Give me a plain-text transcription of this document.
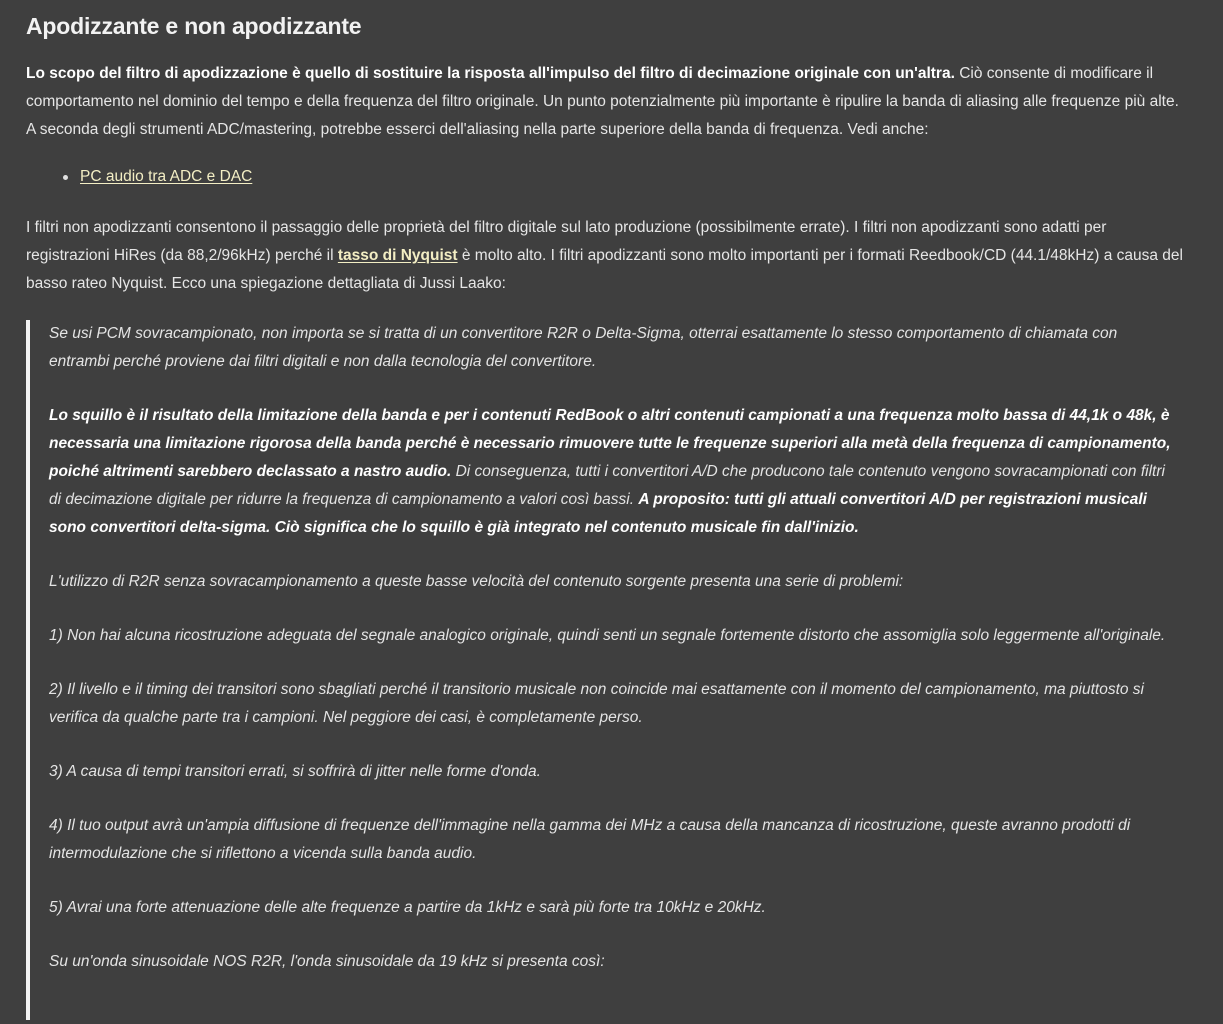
Apodizzante e non apodizzante

Lo scopo del filtro di apodizzazione è quello di sostituire la risposta all'impulso del filtro di decimazione originale con un'altra. Ciò consente di modificare il comportamento nel dominio del tempo e della frequenza del filtro originale. Un punto potenzialmente più importante è ripulire la banda di aliasing alle frequenze più alte. A seconda degli strumenti ADC/mastering, potrebbe esserci dell'aliasing nella parte superiore della banda di frequenza. Vedi anche:

PC audio tra ADC e DAC

I filtri non apodizzanti consentono il passaggio delle proprietà del filtro digitale sul lato produzione (possibilmente errate). I filtri non apodizzanti sono adatti per registrazioni HiRes (da 88,2/96kHz) perché il tasso di Nyquist è molto alto. I filtri apodizzanti sono molto importanti per i formati Reedbook/CD (44.1/48kHz) a causa del basso rateo Nyquist. Ecco una spiegazione dettagliata di Jussi Laako:

Se usi PCM sovracampionato, non importa se si tratta di un convertitore R2R o Delta-Sigma, otterrai esattamente lo stesso comportamento di chiamata con entrambi perché proviene dai filtri digitali e non dalla tecnologia del convertitore.

Lo squillo è il risultato della limitazione della banda e per i contenuti RedBook o altri contenuti campionati a una frequenza molto bassa di 44,1k o 48k, è necessaria una limitazione rigorosa della banda perché è necessario rimuovere tutte le frequenze superiori alla metà della frequenza di campionamento, poiché altrimenti sarebbero declassato a nastro audio. Di conseguenza, tutti i convertitori A/D che producono tale contenuto vengono sovracampionati con filtri di decimazione digitale per ridurre la frequenza di campionamento a valori così bassi. A proposito: tutti gli attuali convertitori A/D per registrazioni musicali sono convertitori delta-sigma. Ciò significa che lo squillo è già integrato nel contenuto musicale fin dall'inizio.

L'utilizzo di R2R senza sovracampionamento a queste basse velocità del contenuto sorgente presenta una serie di problemi:

1) Non hai alcuna ricostruzione adeguata del segnale analogico originale, quindi senti un segnale fortemente distorto che assomiglia solo leggermente all'originale.

2) Il livello e il timing dei transitori sono sbagliati perché il transitorio musicale non coincide mai esattamente con il momento del campionamento, ma piuttosto si verifica da qualche parte tra i campioni. Nel peggiore dei casi, è completamente perso.

3) A causa di tempi transitori errati, si soffrirà di jitter nelle forme d'onda.

4) Il tuo output avrà un'ampia diffusione di frequenze dell'immagine nella gamma dei MHz a causa della mancanza di ricostruzione, queste avranno prodotti di intermodulazione che si riflettono a vicenda sulla banda audio.

5) Avrai una forte attenuazione delle alte frequenze a partire da 1kHz e sarà più forte tra 10kHz e 20kHz.

Su un'onda sinusoidale NOS R2R, l'onda sinusoidale da 19 kHz si presenta così:
